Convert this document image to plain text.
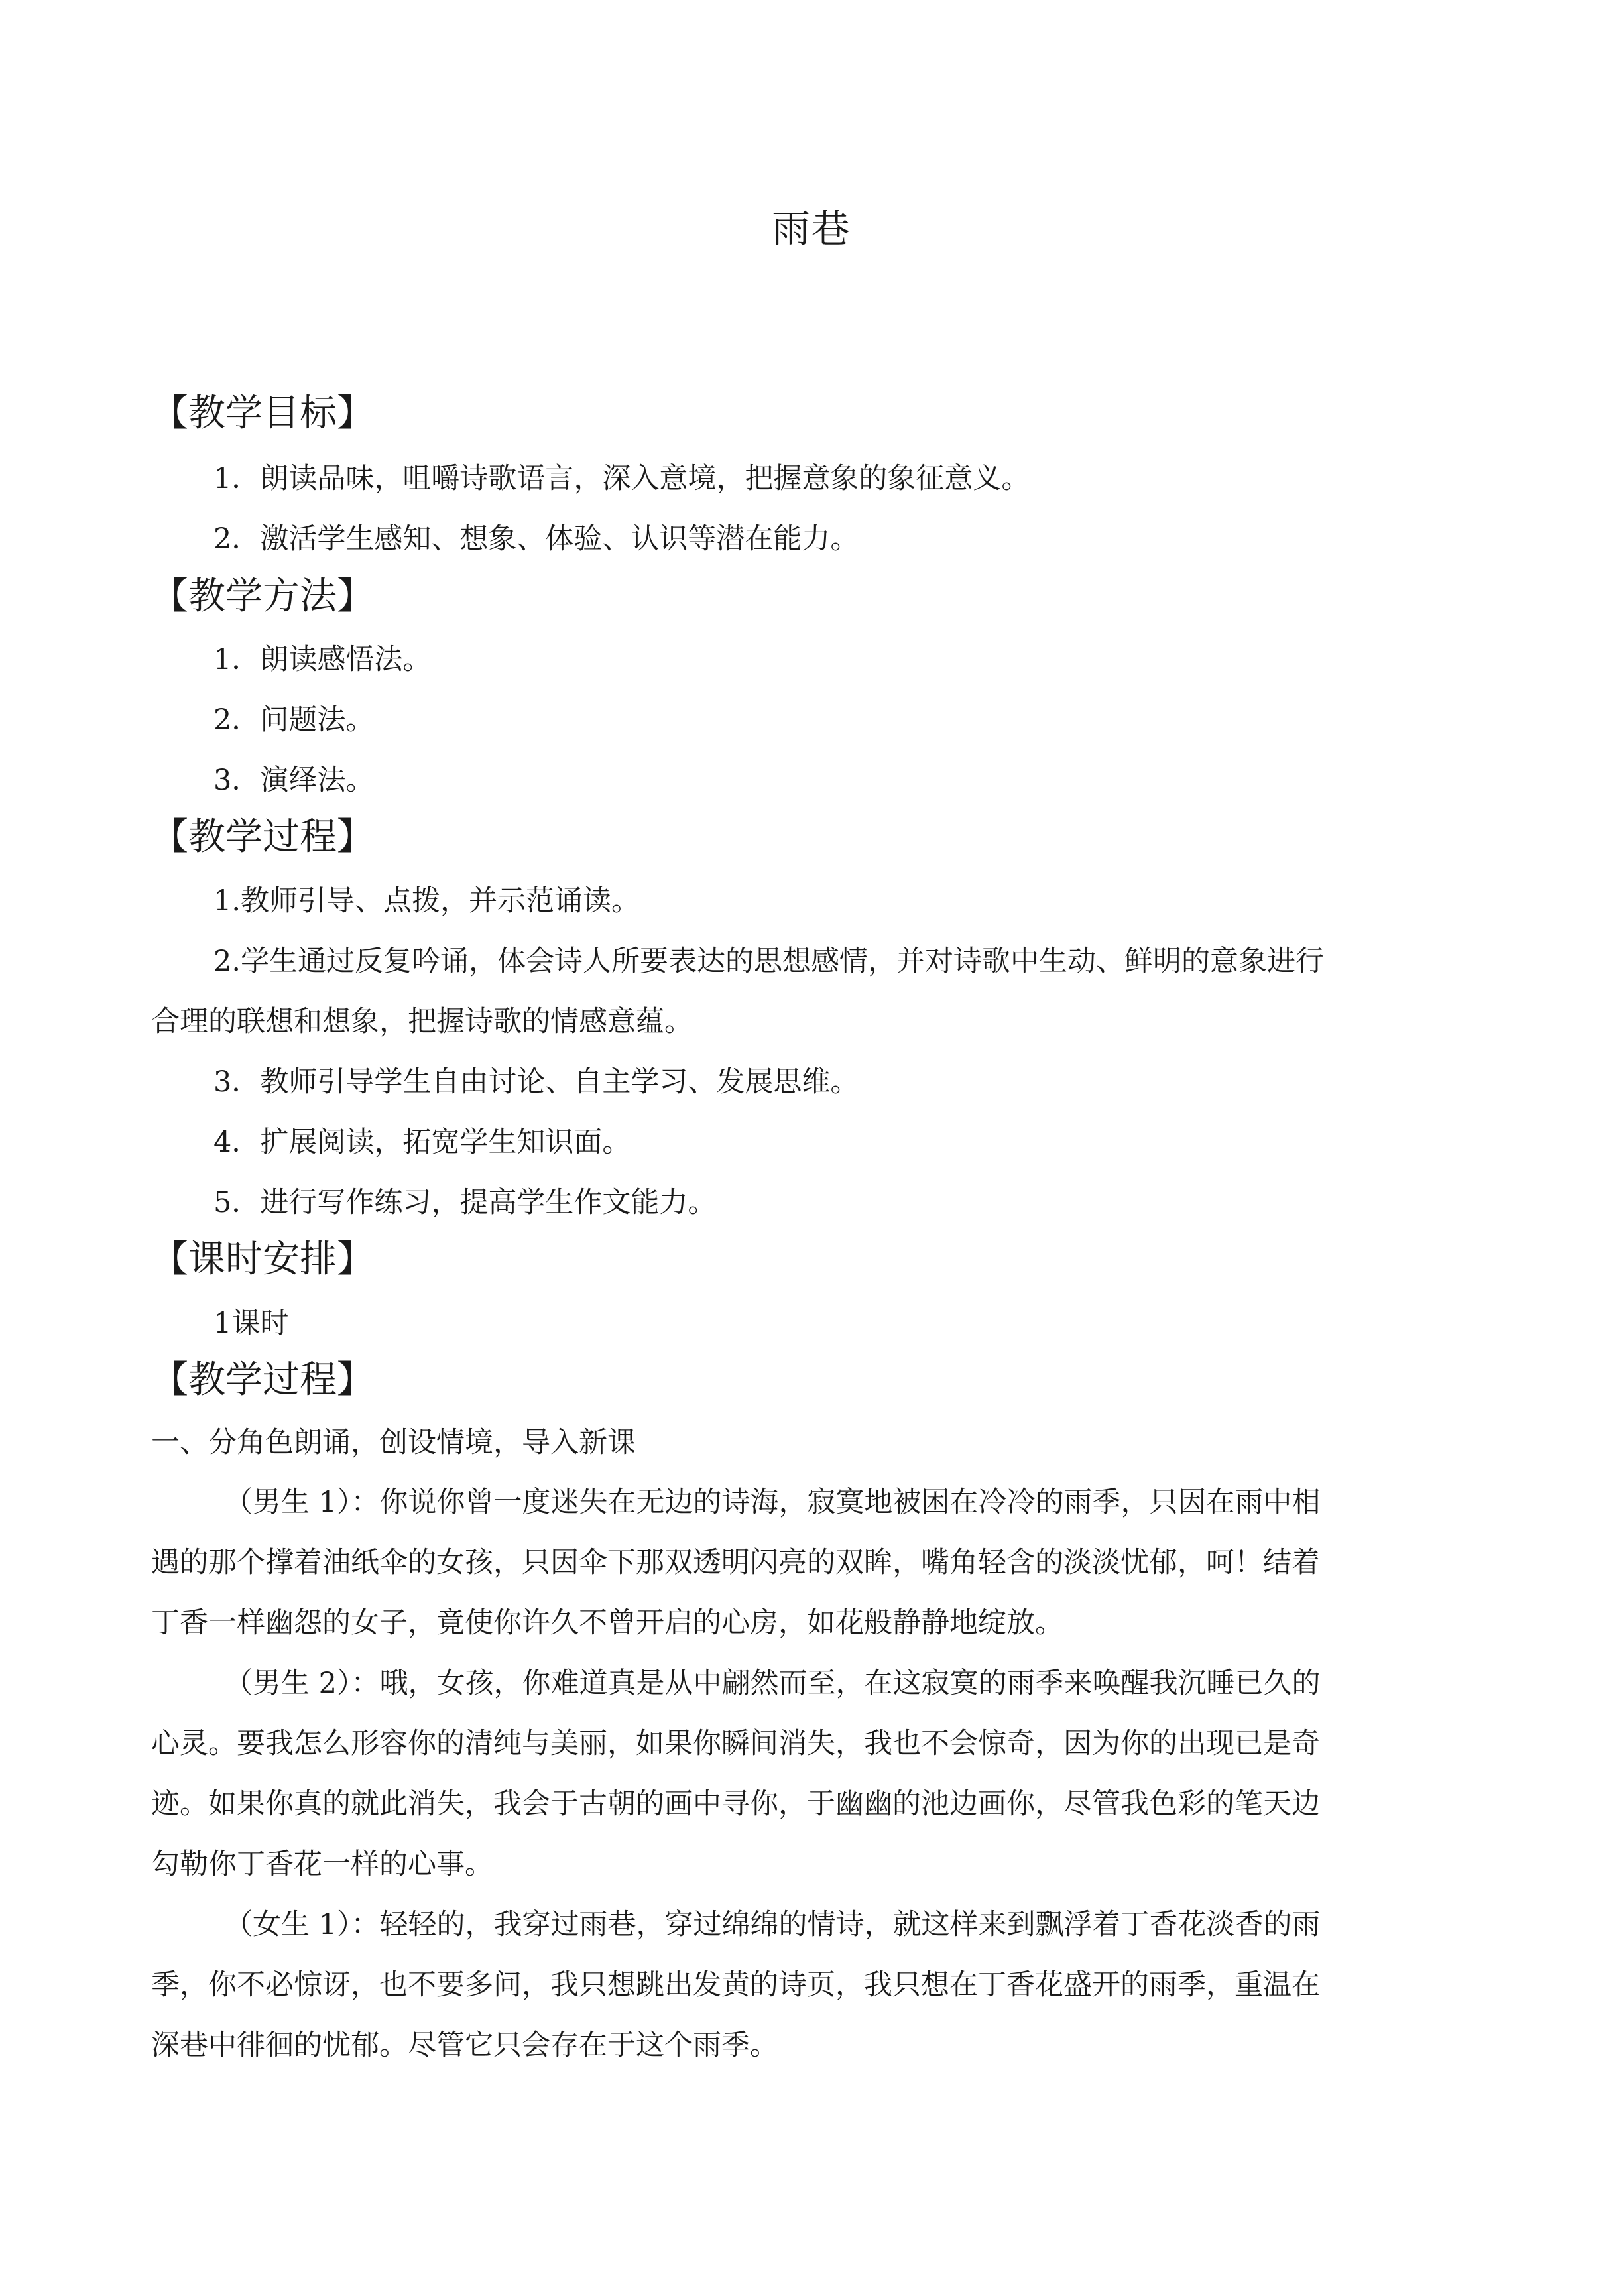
雨巷
【教学目标】
1．朗读品味，咀嚼诗歌语言，深入意境，把握意象的象征意义。
2．激活学生感知、想象、体验、认识等潜在能力。
【教学方法】
1．朗读感悟法。
2．问题法。
3．演绎法。
【教学过程】
1.教师引导、点拨，并示范诵读。
2.学生通过反复吟诵，体会诗人所要表达的思想感情，并对诗歌中生动、鲜明的意象进行
合理的联想和想象，把握诗歌的情感意蕴。
3．教师引导学生自由讨论、自主学习、发展思维。
4．扩展阅读，拓宽学生知识面。
5．进行写作练习，提高学生作文能力。
【课时安排】
1课时
【教学过程】
一、分角色朗诵，创设情境，导入新课
（男生 1）：你说你曾一度迷失在无边的诗海，寂寞地被困在冷冷的雨季，只因在雨中相
遇的那个撑着油纸伞的女孩，只因伞下那双透明闪亮的双眸，嘴角轻含的淡淡忧郁，呵！结着
丁香一样幽怨的女子，竟使你许久不曾开启的心房，如花般静静地绽放。
（男生 2）：哦，女孩，你难道真是从中翩然而至，在这寂寞的雨季来唤醒我沉睡已久的
心灵。要我怎么形容你的清纯与美丽，如果你瞬间消失，我也不会惊奇，因为你的出现已是奇
迹。如果你真的就此消失，我会于古朝的画中寻你，于幽幽的池边画你，尽管我色彩的笔天边
勾勒你丁香花一样的心事。
（女生 1）：轻轻的，我穿过雨巷，穿过绵绵的情诗，就这样来到飘浮着丁香花淡香的雨
季，你不必惊讶，也不要多问，我只想跳出发黄的诗页，我只想在丁香花盛开的雨季，重温在
深巷中徘徊的忧郁。尽管它只会存在于这个雨季。
